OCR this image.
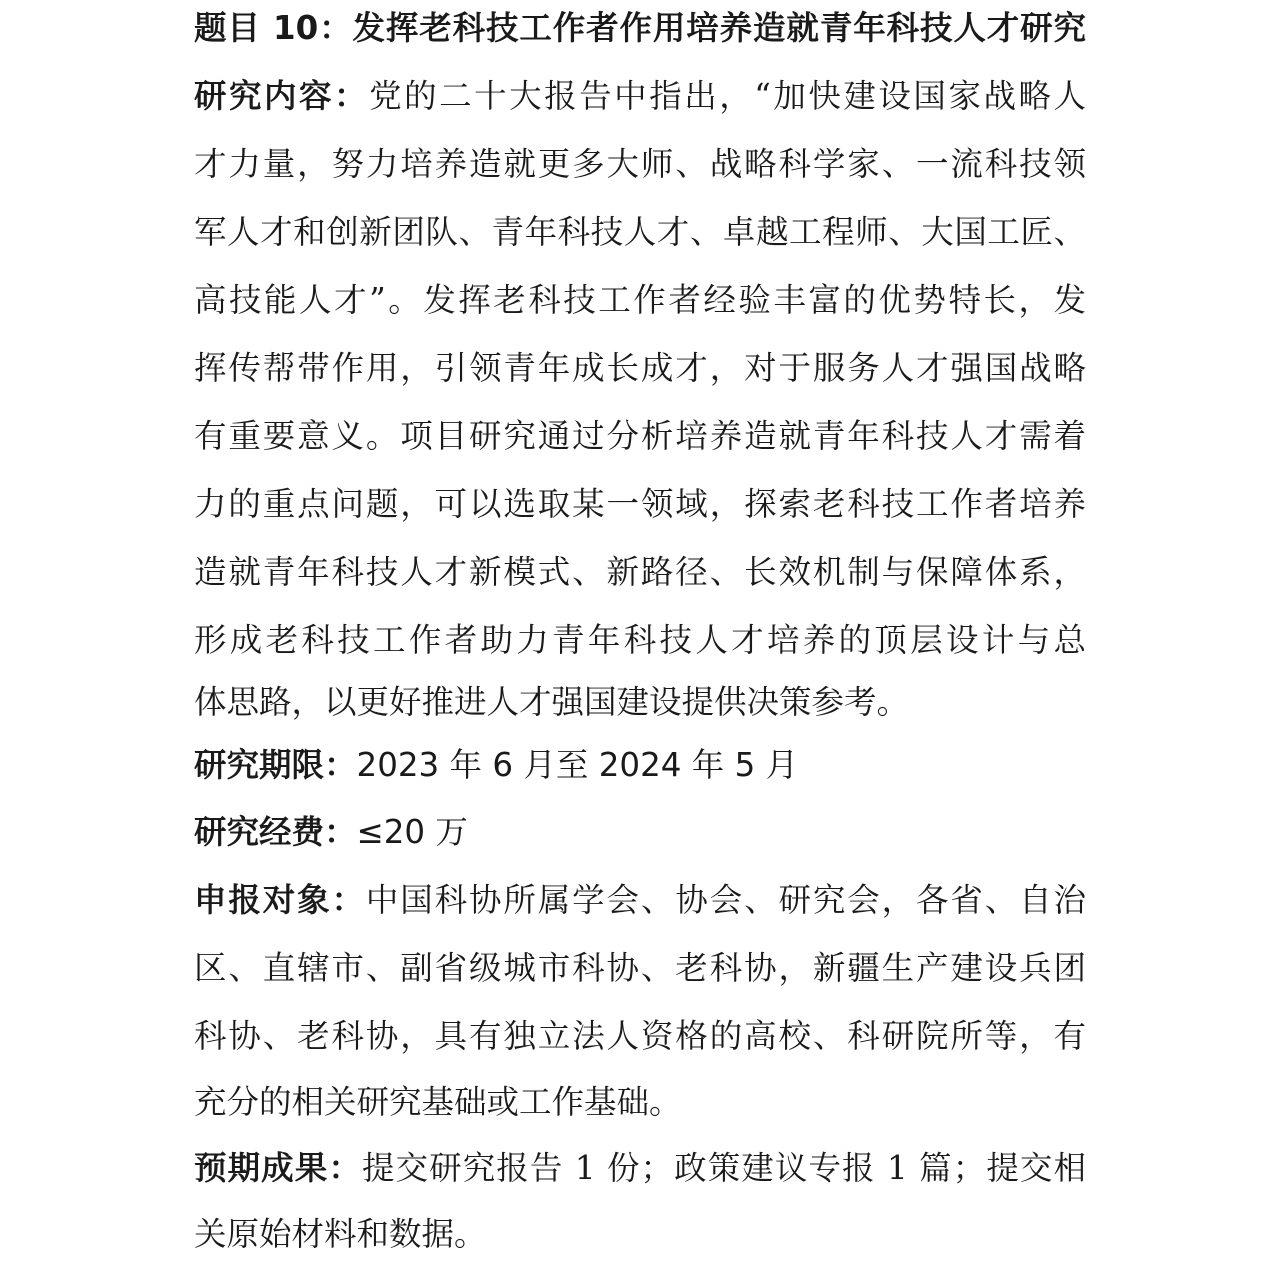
题目 10：发挥老科技工作者作用培养造就青年科技人才研究
研究内容：党的二十大报告中指出，“加快建设国家战略人
才力量，努力培养造就更多大师、战略科学家、一流科技领
军人才和创新团队、青年科技人才、卓越工程师、大国工匠、
高技能人才”。发挥老科技工作者经验丰富的优势特长，发
挥传帮带作用，引领青年成长成才，对于服务人才强国战略
有重要意义。项目研究通过分析培养造就青年科技人才需着
力的重点问题，可以选取某一领域，探索老科技工作者培养
造就青年科技人才新模式、新路径、长效机制与保障体系，
形成老科技工作者助力青年科技人才培养的顶层设计与总
体思路，以更好推进人才强国建设提供决策参考。
研究期限：2023 年 6 月至 2024 年 5 月
研究经费：≤20 万
申报对象：中国科协所属学会、协会、研究会，各省、自治
区、直辖市、副省级城市科协、老科协，新疆生产建设兵团
科协、老科协，具有独立法人资格的高校、科研院所等，有
充分的相关研究基础或工作基础。
预期成果：提交研究报告 1 份；政策建议专报 1 篇；提交相
关原始材料和数据。
